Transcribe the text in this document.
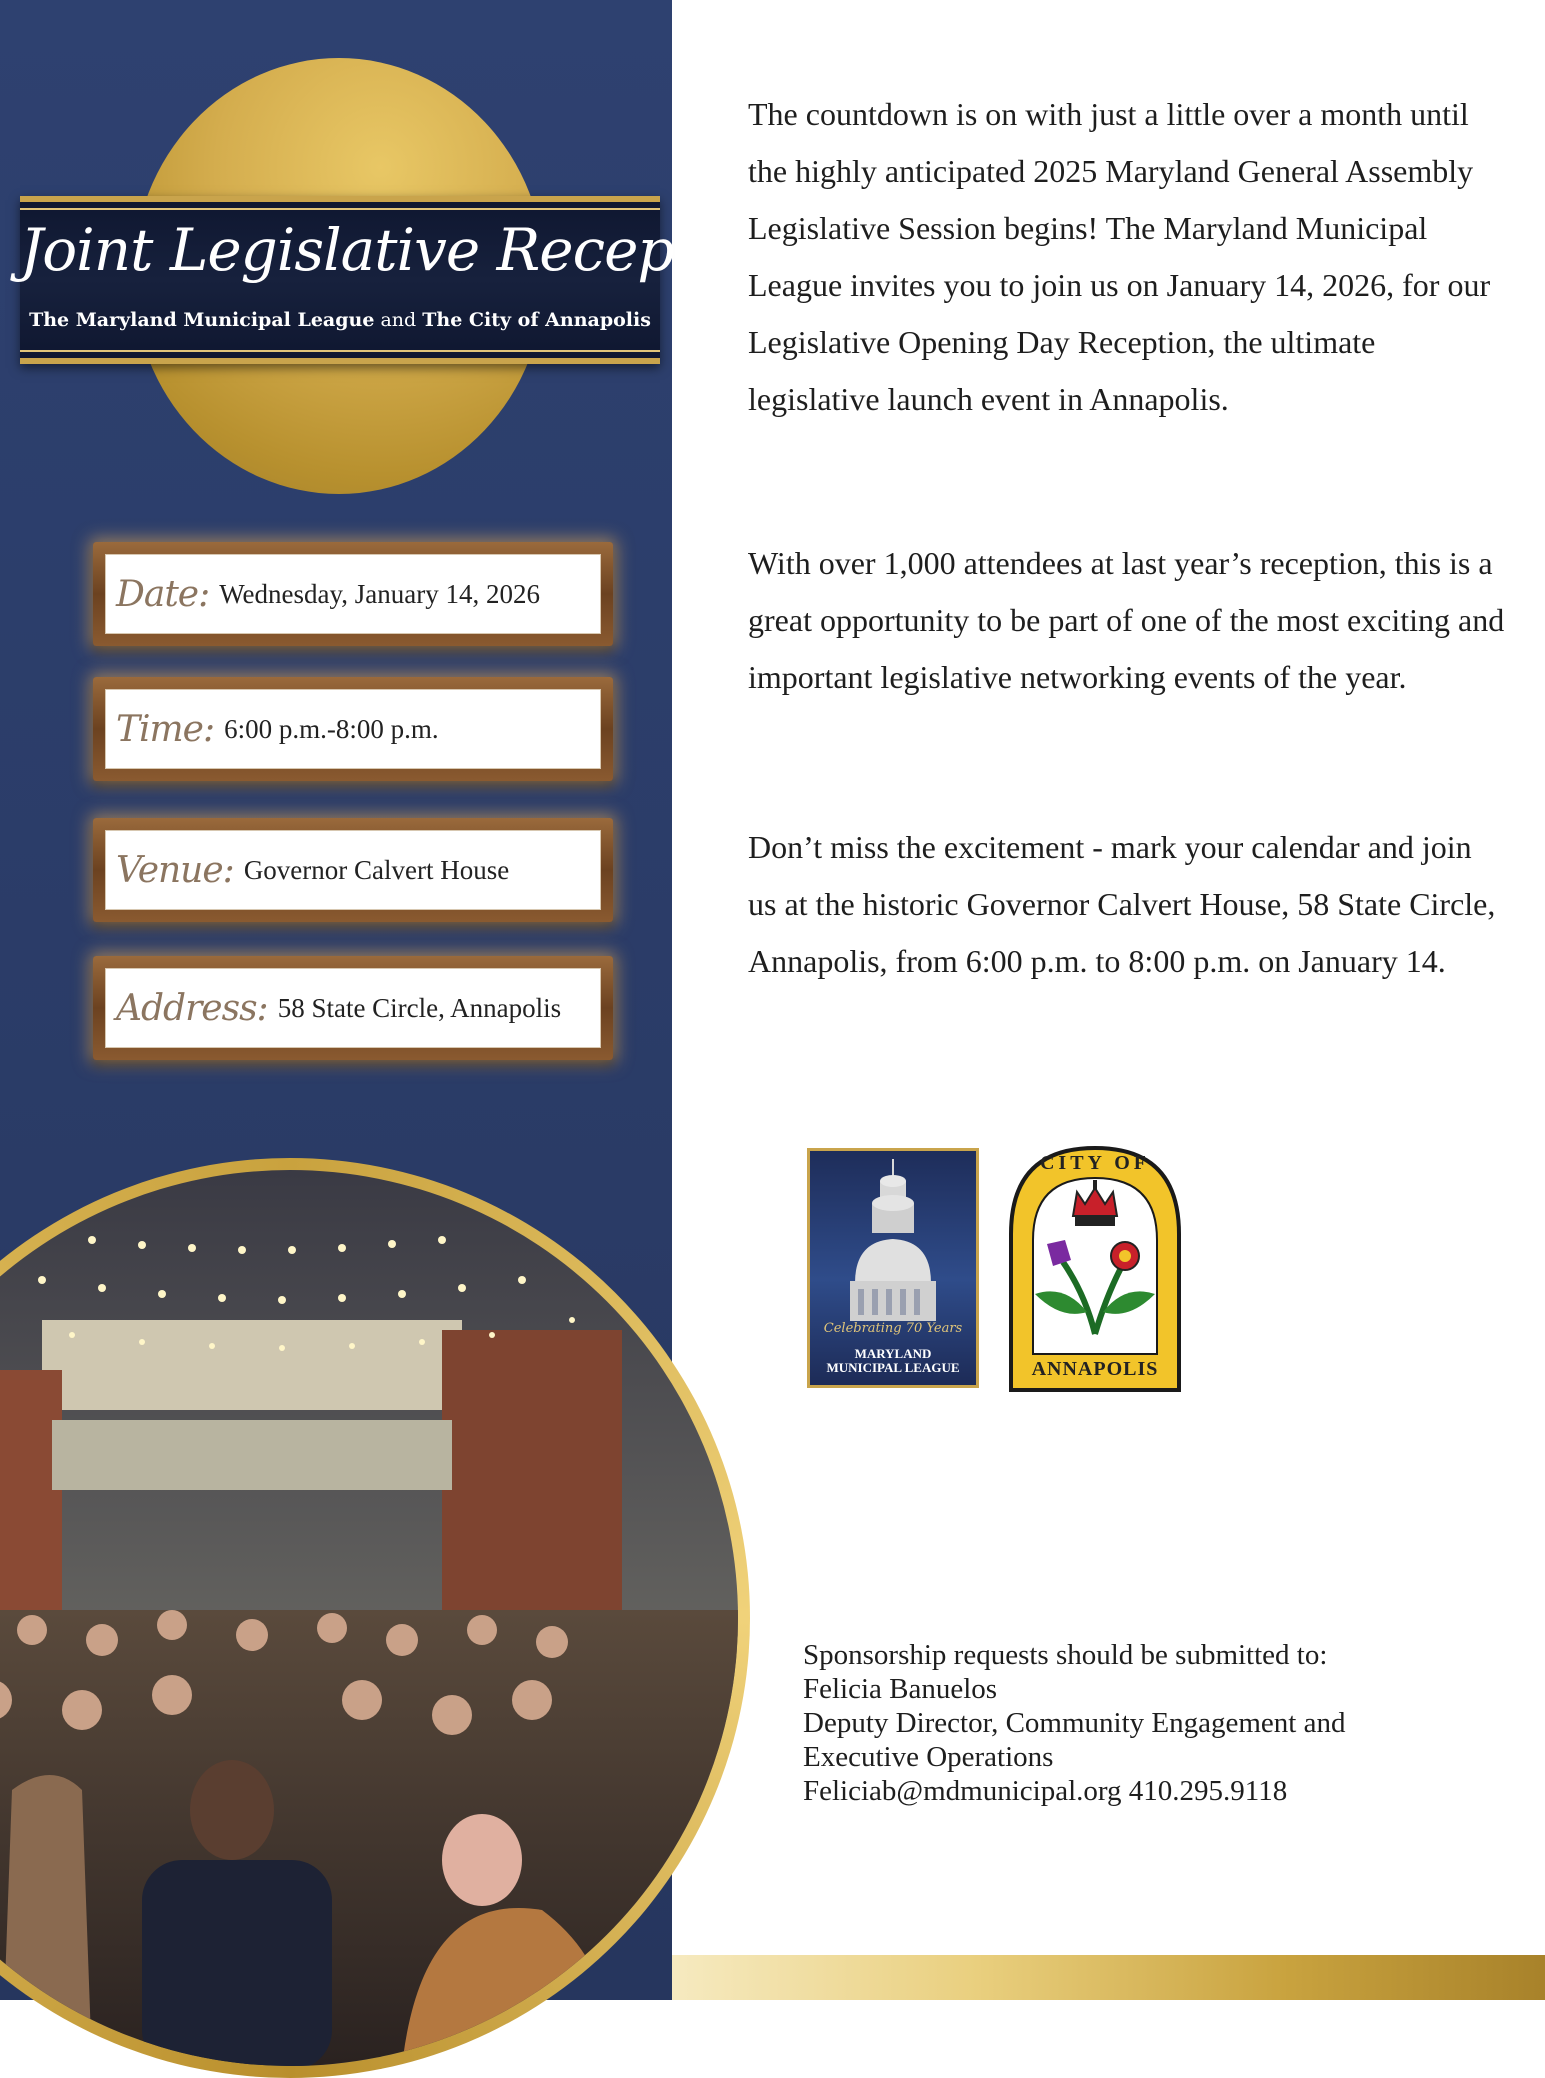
Joint Legislative Reception
The Maryland Municipal League and The City of Annapolis
Date: Wednesday, January 14, 2026
Time: 6:00 p.m.-8:00 p.m.
Venue: Governor Calvert House
Address: 58 State Circle, Annapolis

The countdown is on with just a little over a month until the highly anticipated 2025 Maryland General Assembly Legislative Session begins! The Maryland Municipal League invites you to join us on January 14, 2026, for our Legislative Opening Day Reception, the ultimate legislative launch event in Annapolis.

With over 1,000 attendees at last year’s reception, this is a great opportunity to be part of one of the most exciting and important legislative networking events of the year.

Don’t miss the excitement - mark your calendar and join us at the historic Governor Calvert House, 58 State Circle, Annapolis, from 6:00 p.m. to 8:00 p.m. on January 14.

Celebrating 70 Years
MARYLAND
MUNICIPAL LEAGUE
CITY OF
ANNAPOLIS
Sponsorship requests should be submitted to:
Felicia Banuelos
Deputy Director, Community Engagement and
Executive Operations
Feliciab@mdmunicipal.org 410.295.9118
